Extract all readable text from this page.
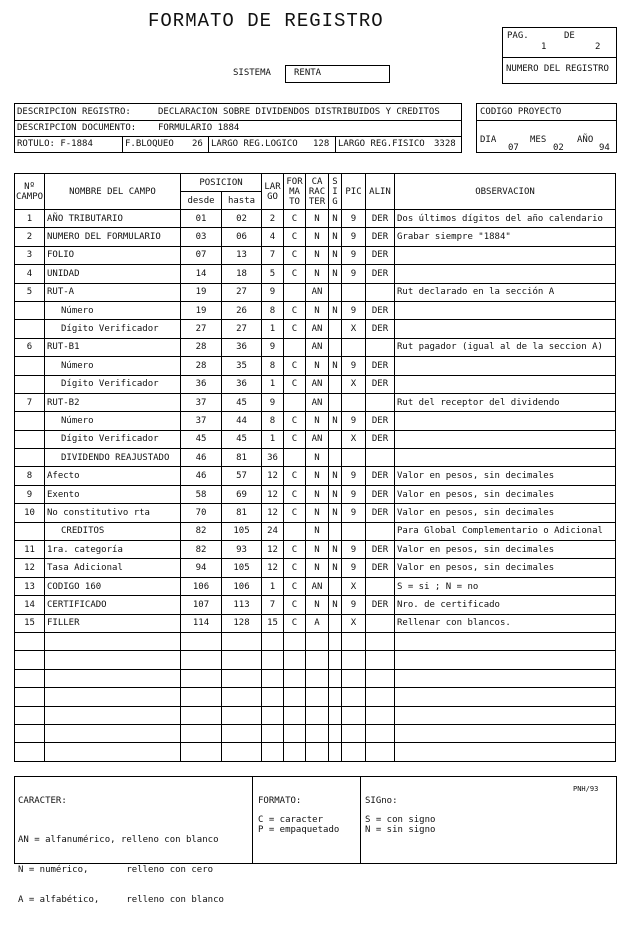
FORMATO DE REGISTRO
PAG.
1
DE
2
NUMERO DEL REGISTRO
SISTEMA	RENTA
DESCRIPCION REGISTRO:	DECLARACION SOBRE DIVIDENDOS DISTRIBUIDOS Y CREDITOS
DESCRIPCION DOCUMENTO: FORMULARIO 1884
ROTULO: F-1884	F.BLOQUEO 26 LARGO REG.LOGICO 128 LARGO REG.FISICO 3328
CODIGO PROYECTO
DIA
07
MES
02
AÑO
94
Nº CAMPO	NOMBRE DEL CAMPO	POSICION		LAR GO	FOR MA TO	CA RAC TER	S I G	PIC	ALIN	OBSERVACION
		desde	hasta							
1	AÑO TRIBUTARIO	01	02	2	C	N	N	9	DER	Dos últimos dígitos del año calendario
2	NUMERO DEL FORMULARIO	03	06	4	C	N	N	9	DER	Grabar siempre "1884"
3	FOLIO	07	13	7	C	N	N	9	DER	
4	UNIDAD	14	18	5	C	N	N	9	DER	
5	RUT-A	19	27	9		AN				Rut declarado en la sección A
	Número	19	26	8	C	N	N	9	DER	
	Dígito Verificador	27	27	1	C	AN		X	DER	
6	RUT-B1	28	36	9		AN				Rut pagador (igual al de la seccion A)
	Número	28	35	8	C	N	N	9	DER	
	Dígito Verificador	36	36	1	C	AN		X	DER	
7	RUT-B2	37	45	9		AN				Rut del receptor del dividendo
	Número	37	44	8	C	N	N	9	DER	
	Dígito Verificador	45	45	1	C	AN		X	DER	
	DIVIDENDO REAJUSTADO	46	81	36		N				
8	Afecto	46	57	12	C	N	N	9	DER	Valor en pesos, sin decimales
9	Exento	58	69	12	C	N	N	9	DER	Valor en pesos, sin decimales
10	No constitutivo rta	70	81	12	C	N	N	9	DER	Valor en pesos, sin decimales
	CREDITOS	82	105	24		N				Para Global Complementario o Adicional
11	1ra. categoría	82	93	12	C	N	N	9	DER	Valor en pesos, sin decimales
12	Tasa Adicional	94	105	12	C	N	N	9	DER	Valor en pesos, sin decimales
13	CODIGO 160	106	106	1	C	AN		X		S = si ; N = no
14	CERTIFICADO	107	113	7	C	N	N	9	DER	Nro. de certificado
15	FILLER	114	128	15	C	A		X		Rellenar con blancos.

CARACTER:

AN = alfanumérico, relleno con blanco

N = numérico,       relleno con cero

A = alfabético,     relleno con blanco

FORMATO:
C = caracter
P = empaquetado
SIGno:
S = con signo
N = sin signo
PNH/93
